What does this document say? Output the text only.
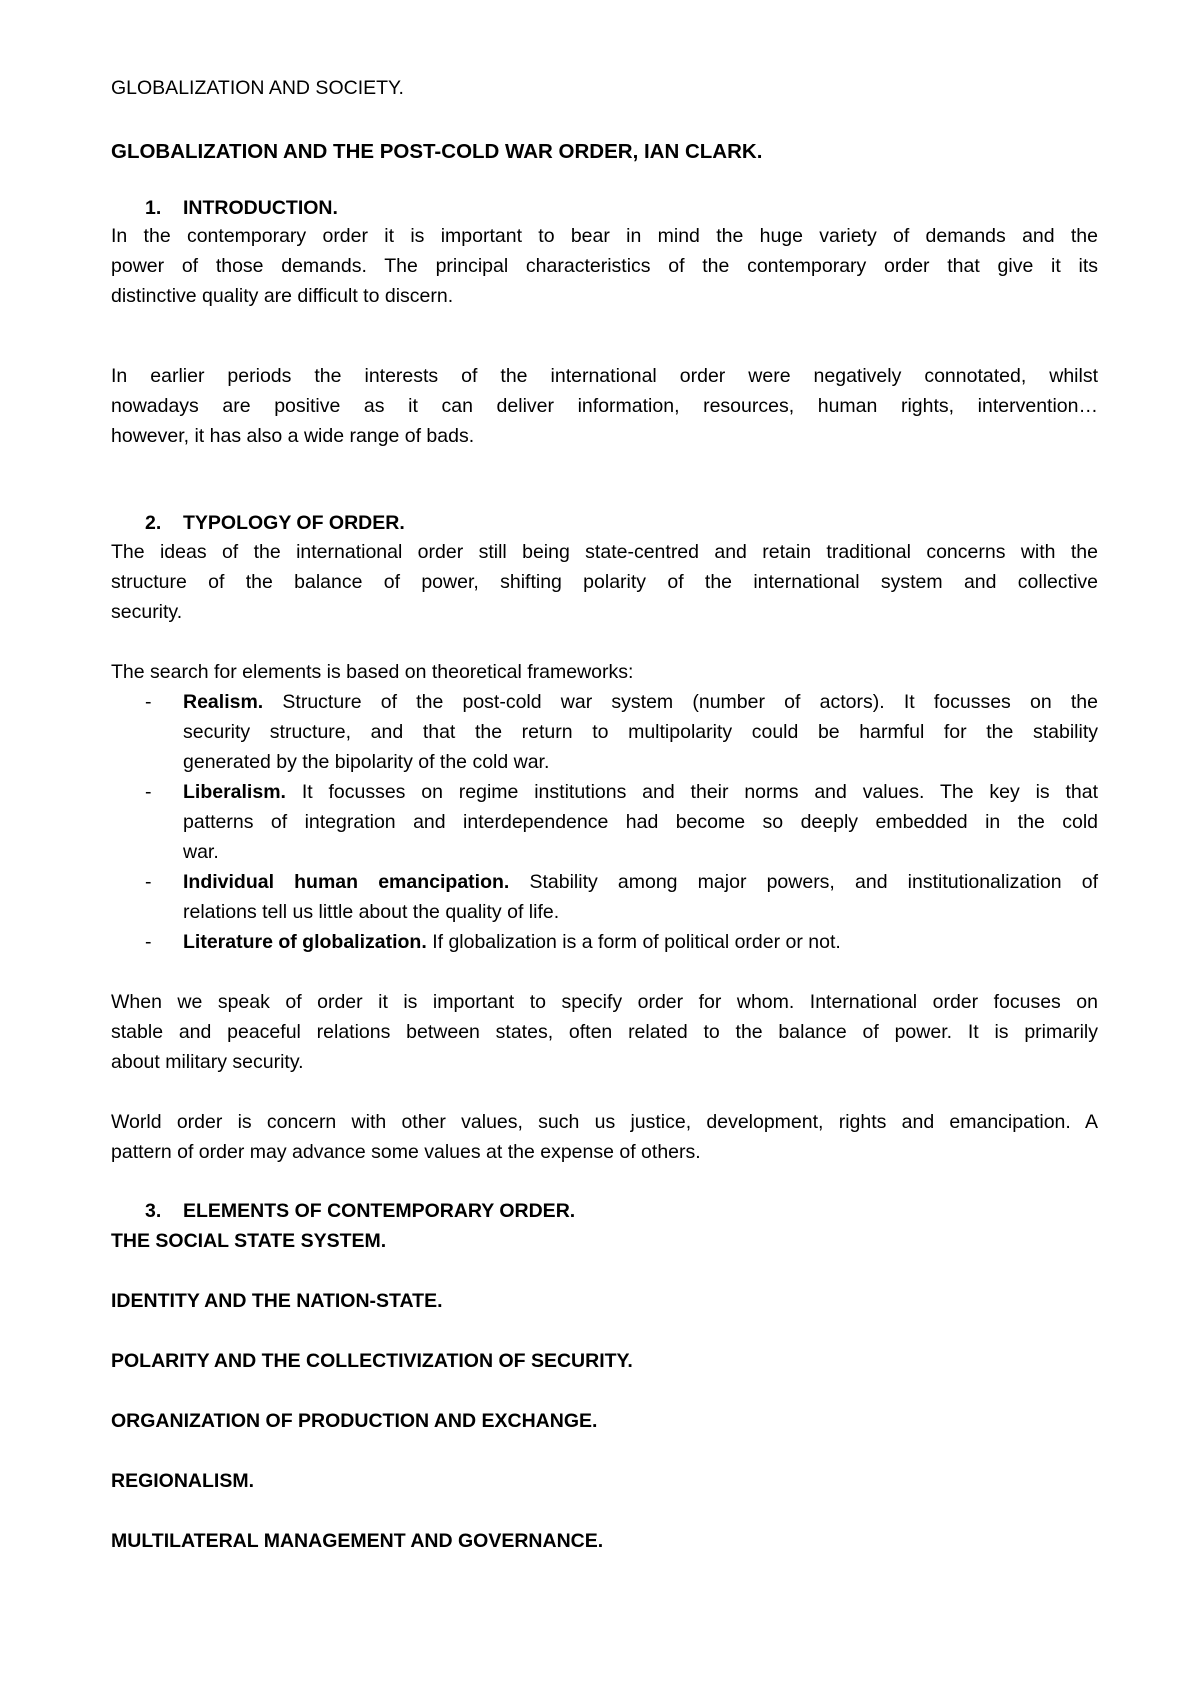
GLOBALIZATION AND SOCIETY.
GLOBALIZATION AND THE POST-COLD WAR ORDER, IAN CLARK.
1.	INTRODUCTION.
In the contemporary order it is important to bear in mind the huge variety of demands and the
power of those demands. The principal characteristics of the contemporary order that give it its
distinctive quality are difficult to discern.
In earlier periods the interests of the international order were negatively connotated, whilst
nowadays are positive as it can deliver information, resources, human rights, intervention…
however, it has also a wide range of bads.
2.	TYPOLOGY OF ORDER.
The ideas of the international order still being state-centred and retain traditional concerns with the
structure of the balance of power, shifting polarity of the international system and collective
security.
The search for elements is based on theoretical frameworks:
-	Realism. Structure of the post-cold war system (number of actors). It focusses on the
security structure, and that the return to multipolarity could be harmful for the stability
generated by the bipolarity of the cold war.
-	Liberalism. It focusses on regime institutions and their norms and values. The key is that
patterns of integration and interdependence had become so deeply embedded in the cold
war.
-	Individual human emancipation. Stability among major powers, and institutionalization of
relations tell us little about the quality of life.
-	Literature of globalization. If globalization is a form of political order or not.
When we speak of order it is important to specify order for whom. International order focuses on
stable and peaceful relations between states, often related to the balance of power. It is primarily
about military security.
World order is concern with other values, such us justice, development, rights and emancipation. A
pattern of order may advance some values at the expense of others.
3.	ELEMENTS OF CONTEMPORARY ORDER.
THE SOCIAL STATE SYSTEM.
IDENTITY AND THE NATION-STATE.
POLARITY AND THE COLLECTIVIZATION OF SECURITY.
ORGANIZATION OF PRODUCTION AND EXCHANGE.
REGIONALISM.
MULTILATERAL MANAGEMENT AND GOVERNANCE.
